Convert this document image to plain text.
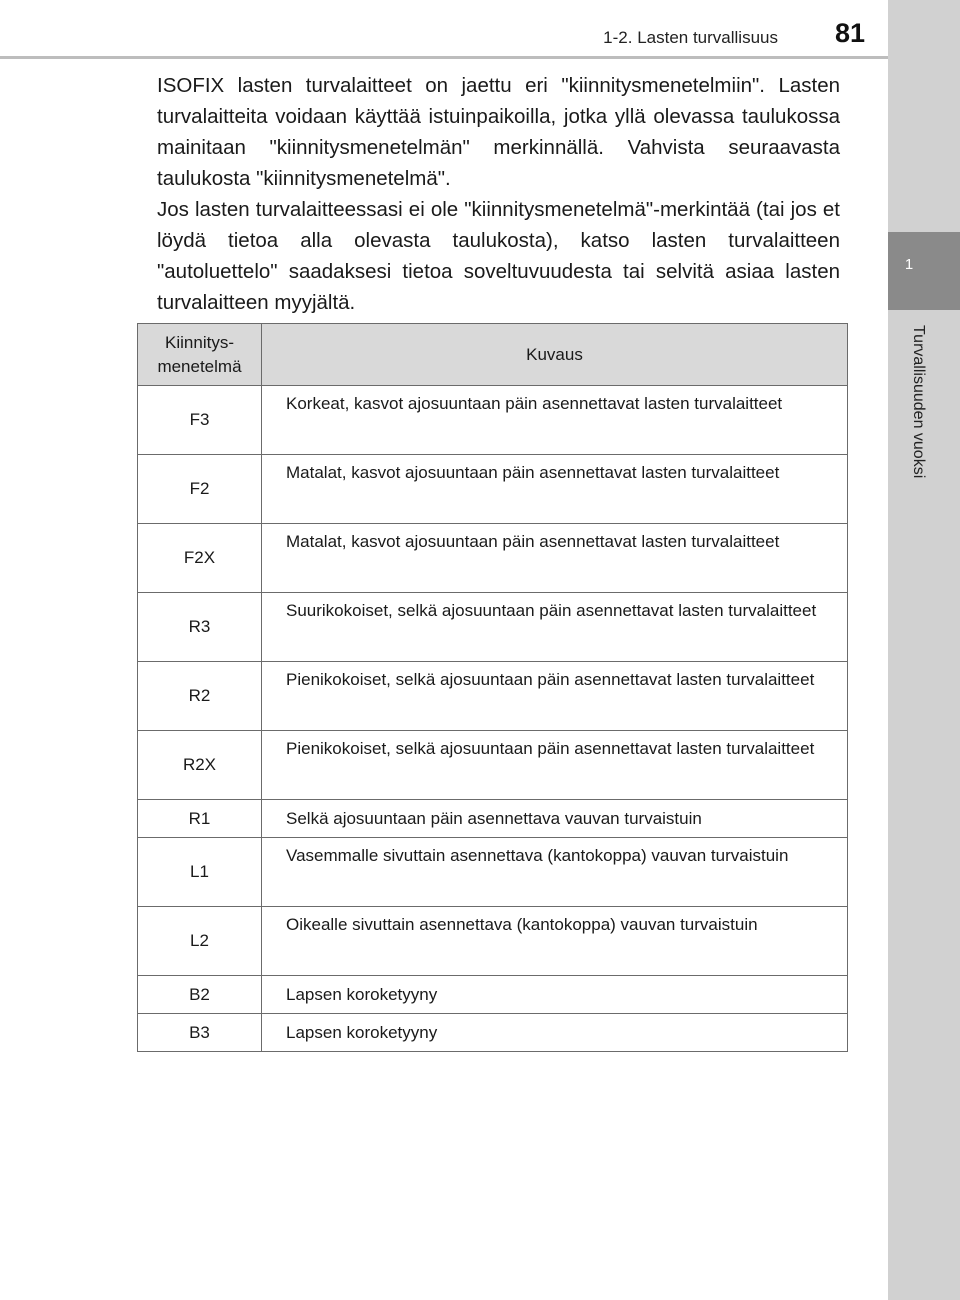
1-2. Lasten turvallisuus	81
1
Turvallisuuden vuoksi

ISOFIX lasten turvalaitteet on jaettu eri "kiinnitysmenetelmiin". Lasten turvalaitteita voidaan käyttää istuinpaikoilla, jotka yllä olevassa taulukossa mainitaan "kiinnitysmenetelmän" merkinnällä. Vahvista seuraavasta taulukosta "kiinnitysmenetelmä".

Jos lasten turvalaitteessasi ei ole "kiinnitysmenetelmä"-merkintää (tai jos et löydä tietoa alla olevasta taulukosta), katso lasten turvalaitteen "autoluettelo" saadaksesi tietoa soveltuvuudesta tai selvitä asiaa lasten turvalaitteen myyjältä.

Kiinnitys-
menetelmä	Kuvaus
F3	Korkeat, kasvot ajosuuntaan päin asennettavat lasten turvalaitteet
F2	Matalat, kasvot ajosuuntaan päin asennettavat lasten turvalaitteet
F2X	Matalat, kasvot ajosuuntaan päin asennettavat lasten turvalaitteet
R3	Suurikokoiset, selkä ajosuuntaan päin asennettavat lasten turvalaitteet
R2	Pienikokoiset, selkä ajosuuntaan päin asennettavat lasten turvalaitteet
R2X	Pienikokoiset, selkä ajosuuntaan päin asennettavat lasten turvalaitteet
R1	Selkä ajosuuntaan päin asennettava vauvan turvaistuin
L1	Vasemmalle sivuttain asennettava (kantokoppa) vauvan turvaistuin
L2	Oikealle sivuttain asennettava (kantokoppa) vauvan turvaistuin
B2	Lapsen koroketyyny
B3	Lapsen koroketyyny
